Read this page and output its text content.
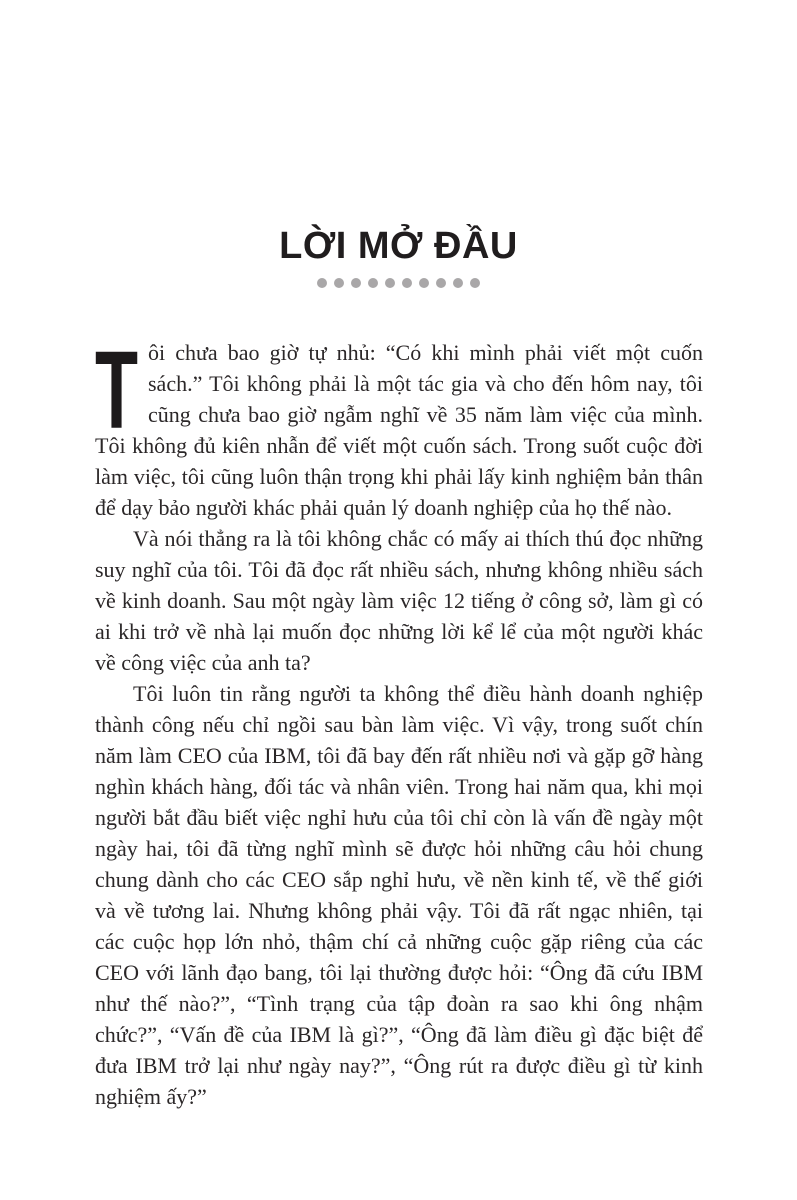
LỜI MỞ ĐẦU

T ôi chưa bao giờ tự nhủ: “Có khi mình phải viết một cuốn sách.” Tôi không phải là một tác gia và cho đến hôm nay, tôi cũng chưa bao giờ ngẫm nghĩ về 35 năm làm việc của mình. Tôi không đủ kiên nhẫn để viết một cuốn sách. Trong suốt cuộc đời làm việc, tôi cũng luôn thận trọng khi phải lấy kinh nghiệm bản thân để dạy bảo người khác phải quản lý doanh nghiệp của họ thế nào.

Và nói thẳng ra là tôi không chắc có mấy ai thích thú đọc những suy nghĩ của tôi. Tôi đã đọc rất nhiều sách, nhưng không nhiều sách về kinh doanh. Sau một ngày làm việc 12 tiếng ở công sở, làm gì có ai khi trở về nhà lại muốn đọc những lời kể lể của một người khác về công việc của anh ta?

Tôi luôn tin rằng người ta không thể điều hành doanh nghiệp thành công nếu chỉ ngồi sau bàn làm việc. Vì vậy, trong suốt chín năm làm CEO của IBM, tôi đã bay đến rất nhiều nơi và gặp gỡ hàng nghìn khách hàng, đối tác và nhân viên. Trong hai năm qua, khi mọi người bắt đầu biết việc nghỉ hưu của tôi chỉ còn là vấn đề ngày một ngày hai, tôi đã từng nghĩ mình sẽ được hỏi những câu hỏi chung chung dành cho các CEO sắp nghỉ hưu, về nền kinh tế, về thế giới và về tương lai. Nhưng không phải vậy. Tôi đã rất ngạc nhiên, tại các cuộc họp lớn nhỏ, thậm chí cả những cuộc gặp riêng của các CEO với lãnh đạo bang, tôi lại thường được hỏi: “Ông đã cứu IBM như thế nào?”, “Tình trạng của tập đoàn ra sao khi ông nhậm chức?”, “Vấn đề của IBM là gì?”, “Ông đã làm điều gì đặc biệt để đưa IBM trở lại như ngày nay?”, “Ông rút ra được điều gì từ kinh nghiệm ấy?”
